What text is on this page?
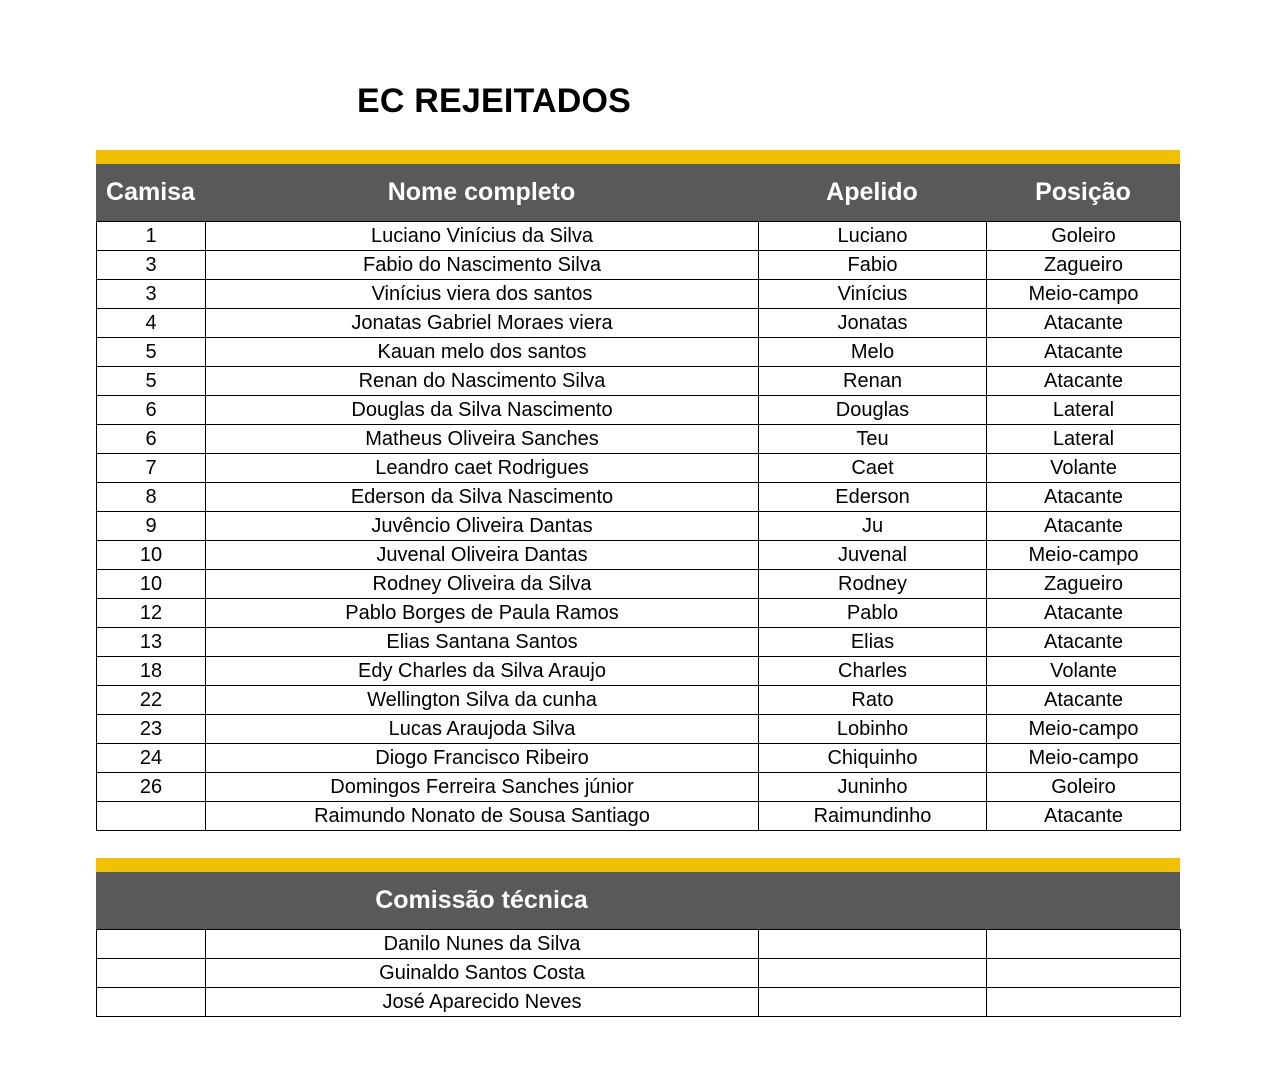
EC REJEITADOS
Camisa	Nome completo	Apelido	Posição
1	Luciano Vinícius da Silva	Luciano	Goleiro
3	Fabio do Nascimento Silva	Fabio	Zagueiro
3	Vinícius viera dos santos	Vinícius	Meio-campo
4	Jonatas Gabriel Moraes viera	Jonatas	Atacante
5	Kauan melo dos santos	Melo	Atacante
5	Renan do Nascimento Silva	Renan	Atacante
6	Douglas da Silva Nascimento	Douglas	Lateral
6	Matheus Oliveira Sanches	Teu	Lateral
7	Leandro caet Rodrigues	Caet	Volante
8	Ederson da Silva Nascimento	Ederson	Atacante
9	Juvêncio Oliveira Dantas	Ju	Atacante
10	Juvenal Oliveira Dantas	Juvenal	Meio-campo
10	Rodney Oliveira da Silva	Rodney	Zagueiro
12	Pablo Borges de Paula Ramos	Pablo	Atacante
13	Elias Santana Santos	Elias	Atacante
18	Edy Charles da Silva Araujo	Charles	Volante
22	Wellington Silva da cunha	Rato	Atacante
23	Lucas Araujoda Silva	Lobinho	Meio-campo
24	Diogo Francisco Ribeiro	Chiquinho	Meio-campo
26	Domingos Ferreira Sanches júnior	Juninho	Goleiro
	Raimundo Nonato de Sousa Santiago	Raimundinho	Atacante
Comissão técnica
	Danilo Nunes da Silva		
	Guinaldo Santos Costa		
	José Aparecido Neves		
